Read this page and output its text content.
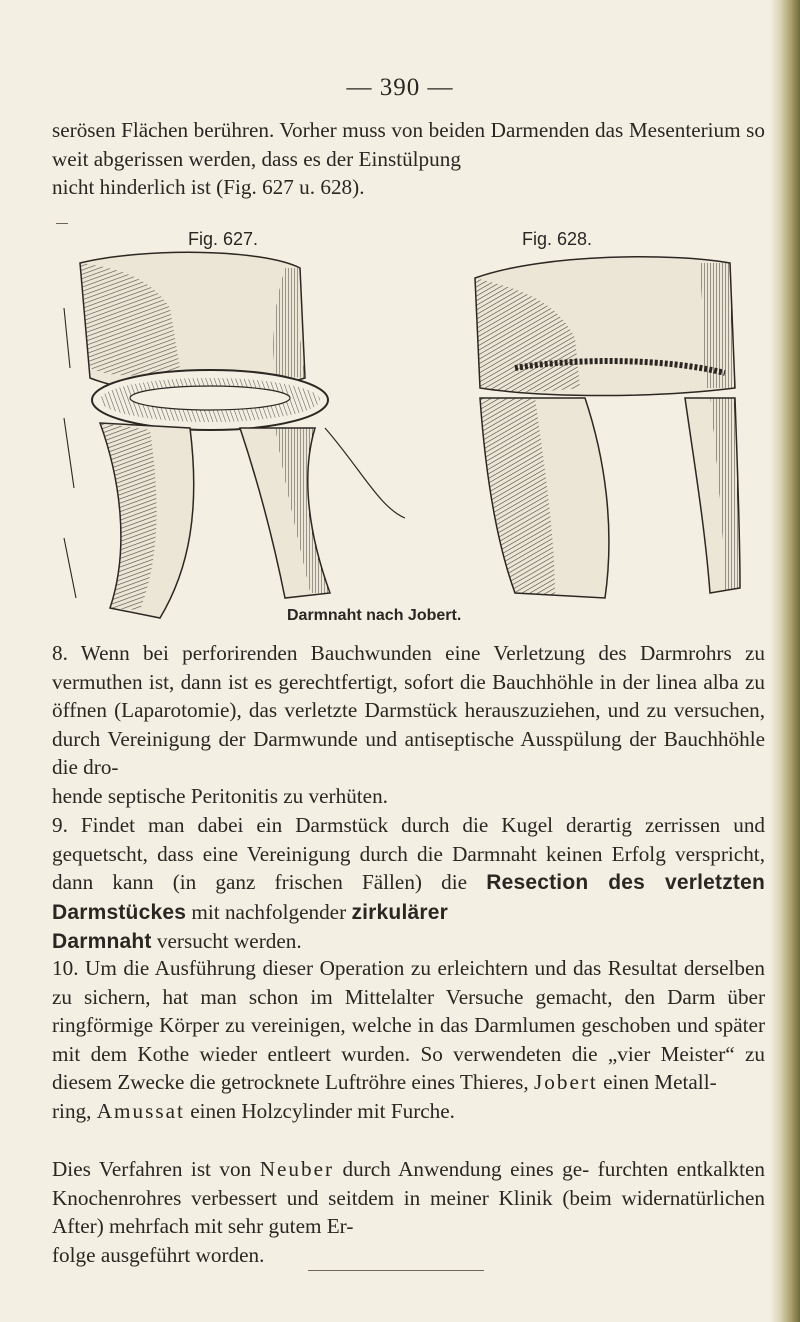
— 390 —

serösen Flächen berühren. Vorher muss von beiden Darmenden das Mesenterium so weit abgerissen werden, dass es der Einstülpung
nicht hinderlich ist (Fig. 627 u. 628).

Fig. 627.	Fig. 628.
Darmnaht nach Jobert.

8. Wenn bei perforirenden Bauchwunden eine Verletzung des Darmrohrs zu vermuthen ist, dann ist es gerechtfertigt, sofort die Bauchhöhle in der linea alba zu öffnen (Laparotomie), das verletzte Darmstück herauszuziehen, und zu versuchen, durch Vereinigung der Darmwunde und antiseptische Ausspülung der Bauchhöhle die dro-
hende septische Peritonitis zu verhüten.

9. Findet man dabei ein Darmstück durch die Kugel derartig zerrissen und gequetscht, dass eine Vereinigung durch die Darmnaht keinen Erfolg verspricht, dann kann (in ganz frischen Fällen) die Resection des verletzten Darmstückes mit nachfolgender zirkulärer
Darmnaht versucht werden.

10. Um die Ausführung dieser Operation zu erleichtern und das Resultat derselben zu sichern, hat man schon im Mittelalter Versuche gemacht, den Darm über ringförmige Körper zu vereinigen, welche in das Darmlumen geschoben und später mit dem Kothe wieder entleert wurden. So verwendeten die „vier Meister“ zu diesem Zwecke die getrocknete Luftröhre eines Thieres, Jobert einen Metall-
ring, Amussat einen Holzcylinder mit Furche.

Dies Verfahren ist von Neuber durch Anwendung eines ge- furchten entkalkten Knochenrohres verbessert und seitdem in meiner Klinik (beim widernatürlichen After) mehrfach mit sehr gutem Er-
folge ausgeführt worden.
